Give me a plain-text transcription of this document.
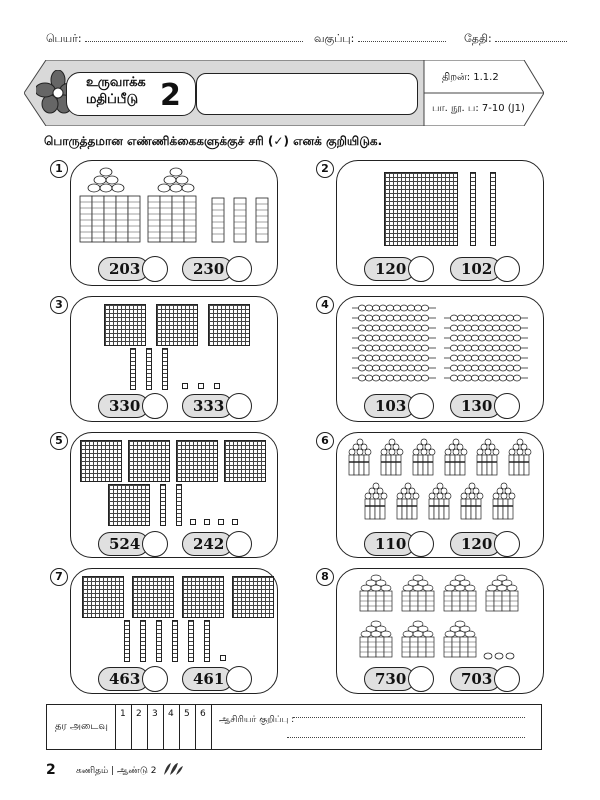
பெயர்:	வகுப்பு:	தேதி:
உருவாக்க
மதிப்பீடு 2
திறன்: 1.1.2
பா. நூ. ப: 7-10 (J1)
பொருத்தமான எண்ணிக்கைகளுக்குச் சரி (✓) எனக் குறியிடுக.
1
203	230
2
120	102
3
330	333
4
103	130
5
524	242
6
110	120
7
463	461
8
730	703
தர அடைவு
1 2 3 4 5 6
ஆசிரியர் குறிப்பு :
2 கணிதம் | ஆண்டு 2
